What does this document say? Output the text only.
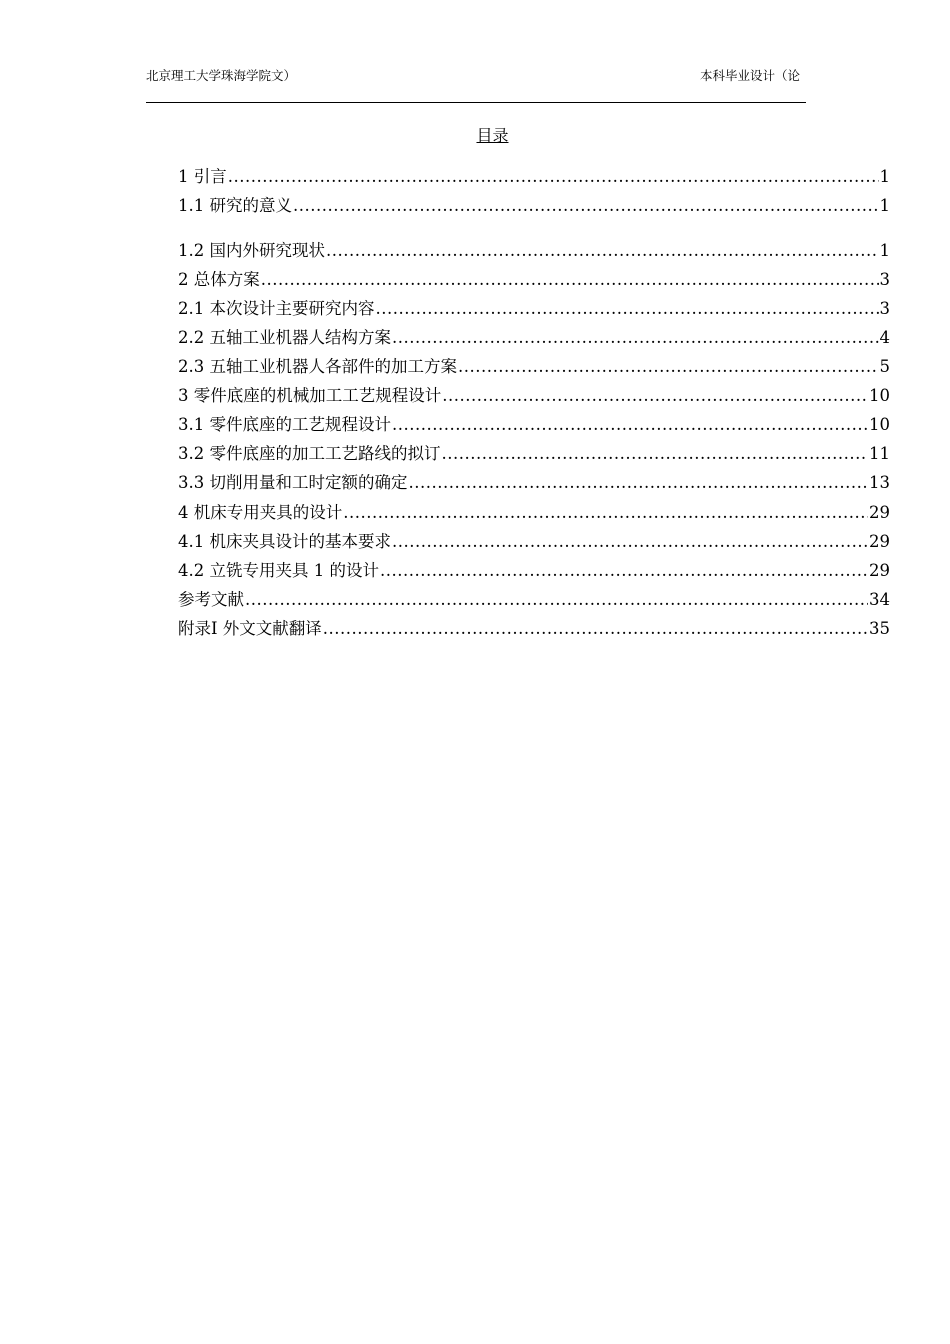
北京理工大学珠海学院文）	本科毕业设计（论
目录
1 引言 .....	1
1.1 研究的意义 .....	1
1.2 国内外研究现状 .....	1
2 总体方案 .....	3
2.1 本次设计主要研究内容 .....	3
2.2 五轴工业机器人结构方案 .....	4
2.3 五轴工业机器人各部件的加工方案 .....	5
3 零件底座的机械加工工艺规程设计 .....	10
3.1 零件底座的工艺规程设计 .....	10
3.2 零件底座的加工工艺路线的拟订 .....	11
3.3 切削用量和工时定额的确定 .....	13
4 机床专用夹具的设计 .....	29
4.1 机床夹具设计的基本要求 .....	29
4.2 立铣专用夹具 1 的设计 .....	29
参考文献 .....	34
附录Ⅰ 外文文献翻译 .....	35
